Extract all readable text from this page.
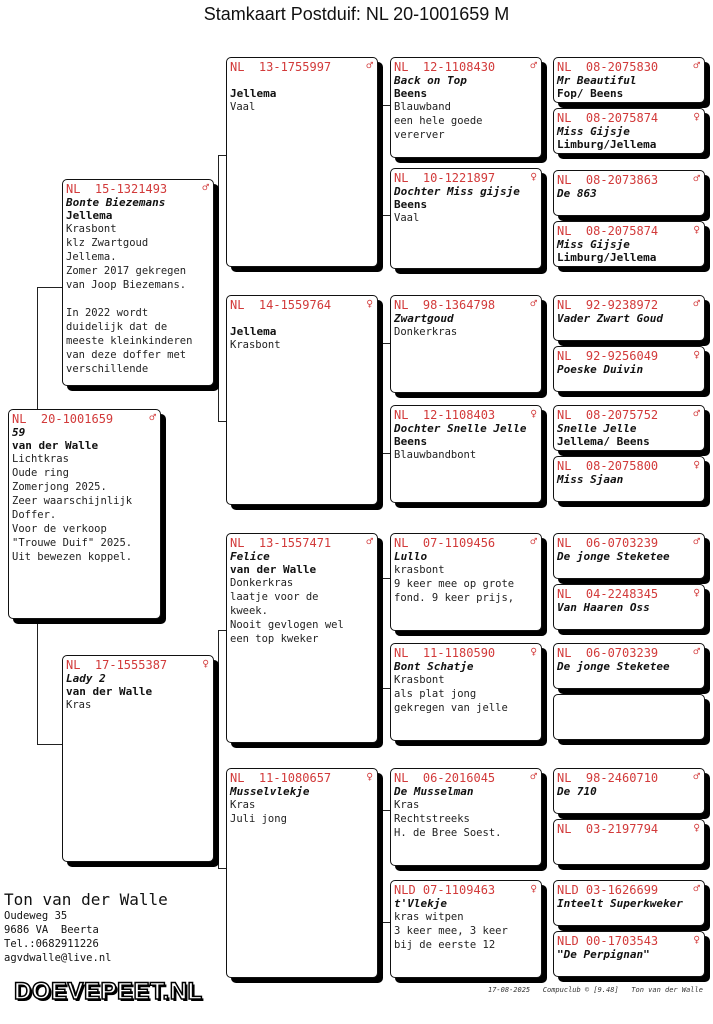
Stamkaart Postduif: NL 20-1001659 M
NL  20-1001659	♂
59
van der Walle
Lichtkras
Oude ring
Zomerjong 2025.
Zeer waarschijnlijk
Doffer.
Voor de verkoop
"Trouwe Duif" 2025.
Uit bewezen koppel.
NL  15-1321493	♂
Bonte Biezemans
Jellema
Krasbont
klz Zwartgoud
Jellema.
Zomer 2017 gekregen
van Joop Biezemans.
In 2022 wordt
duidelijk dat de
meeste kleinkinderen
van deze doffer met
verschillende
NL  17-1555387	♀
Lady 2
van der Walle
Kras
NL  13-1755997	♂
Jellema
Vaal
NL  14-1559764	♀
Jellema
Krasbont
NL  13-1557471	♂
Felice
van der Walle
Donkerkras
laatje voor de
kweek.
Nooit gevlogen wel
een top kweker
NL  11-1080657	♀
Musselvlekje
Kras
Juli jong
NL  12-1108430	♂
Back on Top
Beens
Blauwband
een hele goede
vererver
NL  10-1221897	♀
Dochter Miss gijsje
Beens
Vaal
NL  98-1364798	♂
Zwartgoud
Donkerkras
NL  12-1108403	♀
Dochter Snelle Jelle
Beens
Blauwbandbont
NL  07-1109456	♂
Lullo
krasbont
9 keer mee op grote
fond. 9 keer prijs,
NL  11-1180590	♀
Bont Schatje
Krasbont
als plat jong
gekregen van jelle
NL  06-2016045	♂
De Musselman
Kras
Rechtstreeks
H. de Bree Soest.
NLD 07-1109463	♀
t'Vlekje
kras witpen
3 keer mee, 3 keer
bij de eerste 12
NL  08-2075830	♂
Mr Beautiful
Fop/ Beens
NL  08-2075874	♀
Miss Gijsje
Limburg/Jellema
NL  08-2073863	♂
De 863
NL  08-2075874	♀
Miss Gijsje
Limburg/Jellema
NL  92-9238972	♂
Vader Zwart Goud
NL  92-9256049	♀
Poeske Duivin
NL  08-2075752	♂
Snelle Jelle
Jellema/ Beens
NL  08-2075800	♀
Miss Sjaan
NL  06-0703239	♂
De jonge Steketee
NL  04-2248345	♀
Van Haaren Oss
NL  06-0703239	♂
De jonge Steketee
NL  98-2460710	♂
De 710
NL  03-2197794	♀
NLD 03-1626699	♂
Inteelt Superkweker
NLD 00-1703543	♀
"De Perpignan"
Ton van der Walle
Oudeweg 35
9686 VA  Beerta
Tel.:0682911226
agvdwalle@live.nl
DOEVEPEET.NL	17-08-2025   Compuclub © [9.48]   Ton van der Walle
